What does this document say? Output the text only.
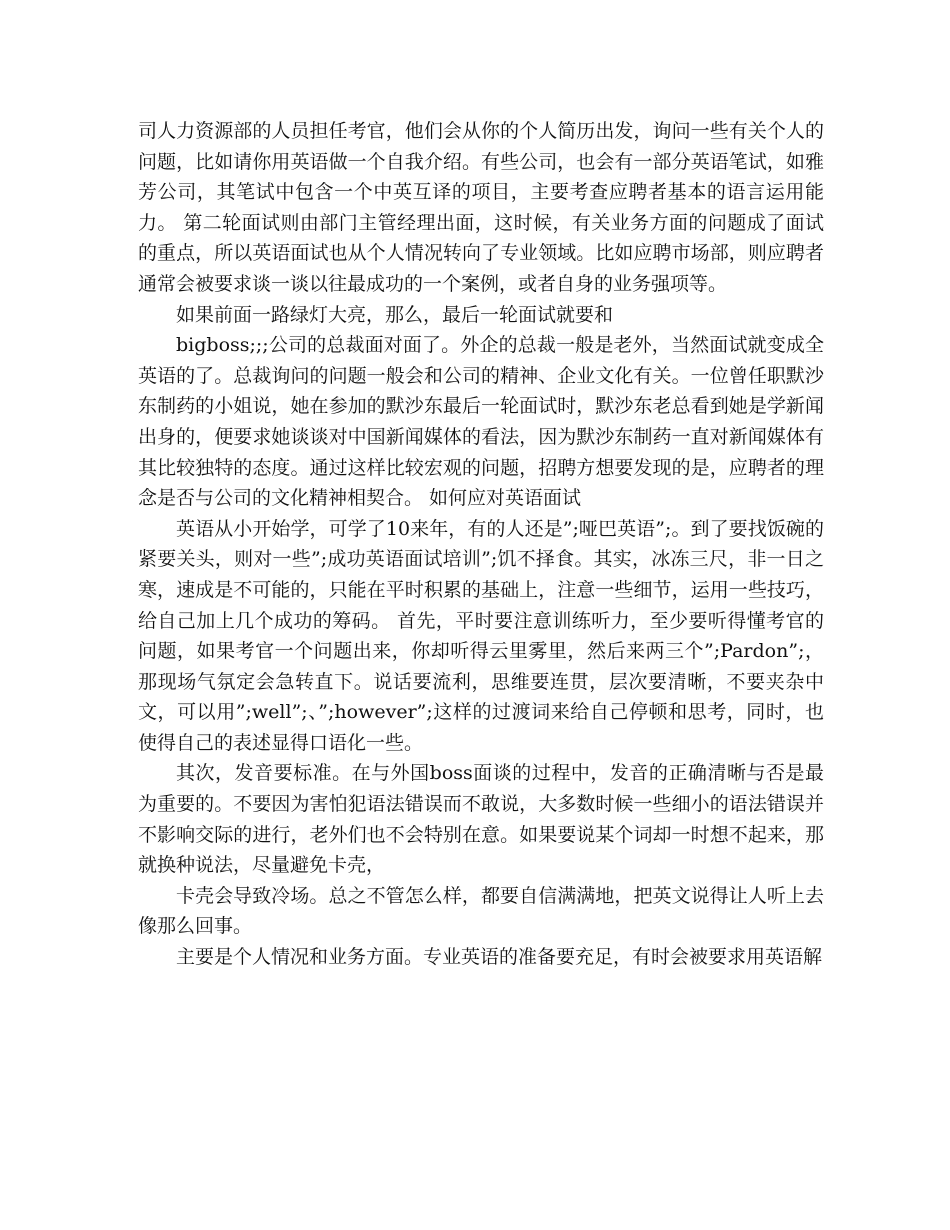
司人力资源部的人员担任考官，他们会从你的个人简历出发，询问一些有关个人的问题，比如请你用英语做一个自我介绍。有些公司，也会有一部分英语笔试，如雅芳公司，其笔试中包含一个中英互译的项目，主要考查应聘者基本的语言运用能力。 第二轮面试则由部门主管经理出面，这时候，有关业务方面的问题成了面试的重点，所以英语面试也从个人情况转向了专业领域。比如应聘市场部，则应聘者通常会被要求谈一谈以往最成功的一个案例，或者自身的业务强项等。

如果前面一路绿灯大亮，那么，最后一轮面试就要和

bigboss;;;公司的总裁面对面了。外企的总裁一般是老外，当然面试就变成全英语的了。总裁询问的问题一般会和公司的精神、企业文化有关。一位曾任职默沙东制药的小姐说，她在参加的默沙东最后一轮面试时，默沙东老总看到她是学新闻出身的，便要求她谈谈对中国新闻媒体的看法，因为默沙东制药一直对新闻媒体有其比较独特的态度。通过这样比较宏观的问题，招聘方想要发现的是，应聘者的理念是否与公司的文化精神相契合。 如何应对英语面试

英语从小开始学，可学了10来年，有的人还是”;哑巴英语”;。到了要找饭碗的紧要关头，则对一些”;成功英语面试培训”;饥不择食。其实，冰冻三尺，非一日之寒，速成是不可能的，只能在平时积累的基础上，注意一些细节，运用一些技巧，给自己加上几个成功的筹码。 首先，平时要注意训练听力，至少要听得懂考官的问题，如果考官一个问题出来，你却听得云里雾里，然后来两三个”;Pardon”;，那现场气氛定会急转直下。说话要流利，思维要连贯，层次要清晰，不要夹杂中文，可以用”;well”;、”;however”;这样的过渡词来给自己停顿和思考，同时，也使得自己的表述显得口语化一些。

其次，发音要标准。在与外国boss面谈的过程中，发音的正确清晰与否是最为重要的。不要因为害怕犯语法错误而不敢说，大多数时候一些细小的语法错误并不影响交际的进行，老外们也不会特别在意。如果要说某个词却一时想不起来，那就换种说法，尽量避免卡壳，

卡壳会导致冷场。总之不管怎么样，都要自信满满地，把英文说得让人听上去像那么回事。

主要是个人情况和业务方面。专业英语的准备要充足，有时会被要求用英语解
